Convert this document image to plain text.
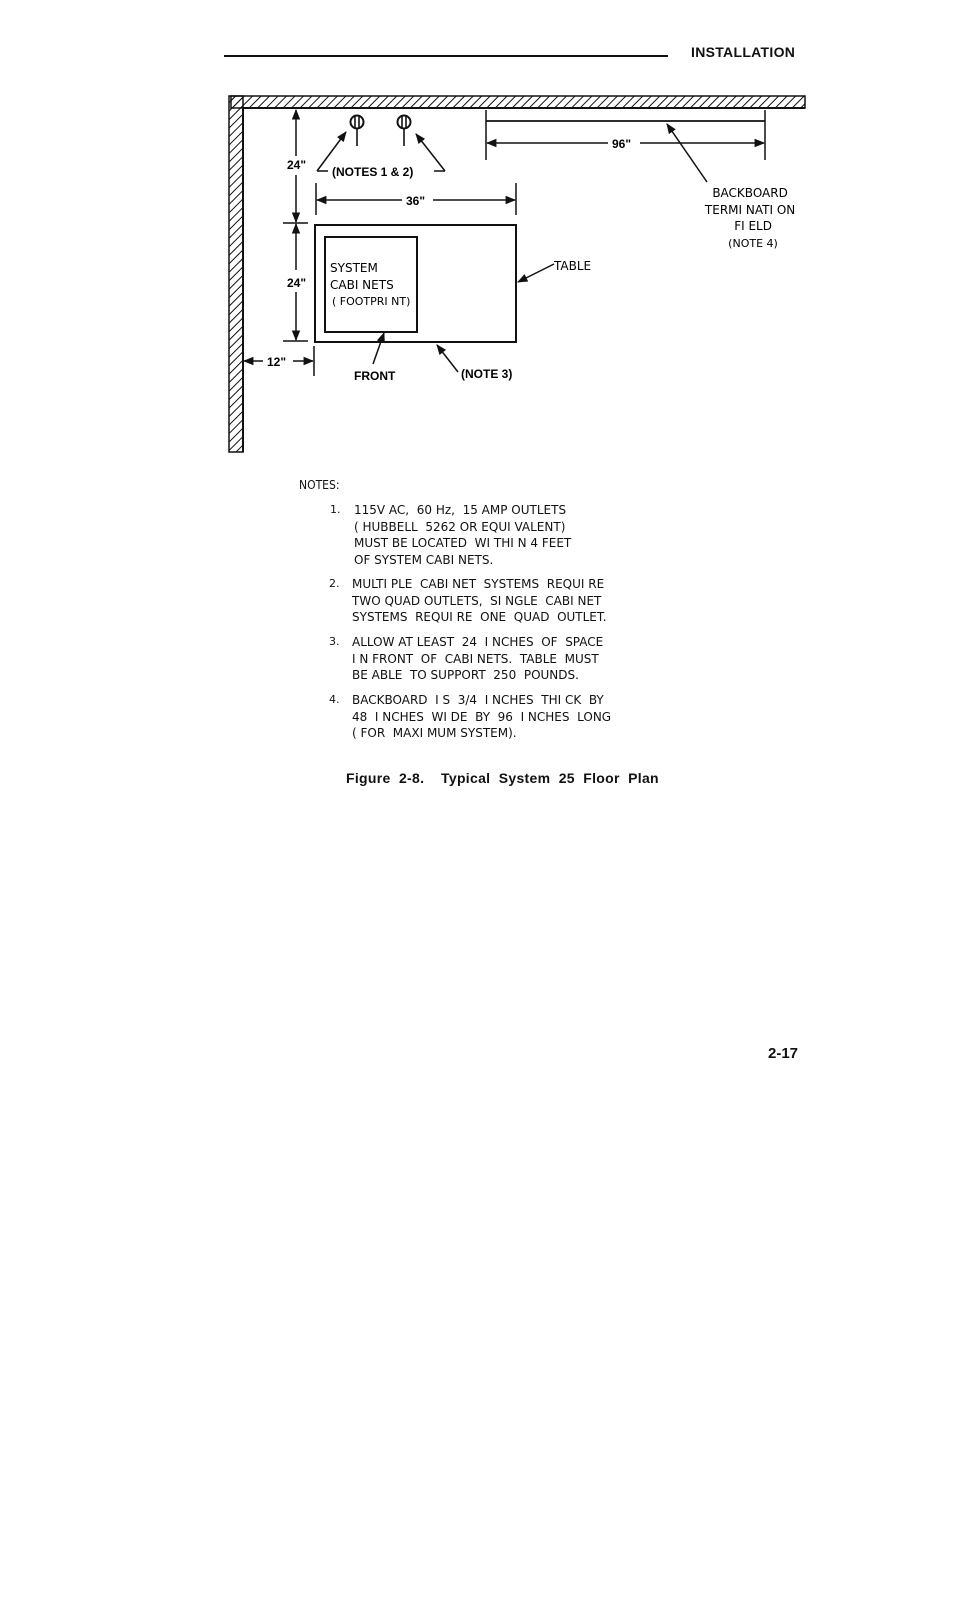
INSTALLATION
(NOTES 1 & 2)
96"
BACKBOARD TERMI NATI ON FI ELD (NOTE 4)
36"
24"
24"
12"
TABLE
SYSTEM CABI NETS ( FOOTPRI NT)
FRONT	(NOTE 3)
NOTES:
1. 115V AC,  60 Hz,  15 AMP OUTLETS
( HUBBELL  5262 OR EQUI VALENT)
MUST BE LOCATED  WI THI N 4 FEET
OF SYSTEM CABI NETS.
2. MULTI PLE  CABI NET  SYSTEMS  REQUI RE
TWO QUAD OUTLETS,  SI NGLE  CABI NET
SYSTEMS  REQUI RE  ONE  QUAD  OUTLET.
3. ALLOW AT LEAST  24  I NCHES  OF  SPACE
I N FRONT  OF  CABI NETS.  TABLE  MUST
BE ABLE  TO SUPPORT  250  POUNDS.
4. BACKBOARD  I S  3/4  I NCHES  THI CK  BY
48  I NCHES  WI DE  BY  96  I NCHES  LONG
( FOR  MAXI MUM SYSTEM).
Figure  2-8.    Typical  System  25  Floor  Plan
2-17
